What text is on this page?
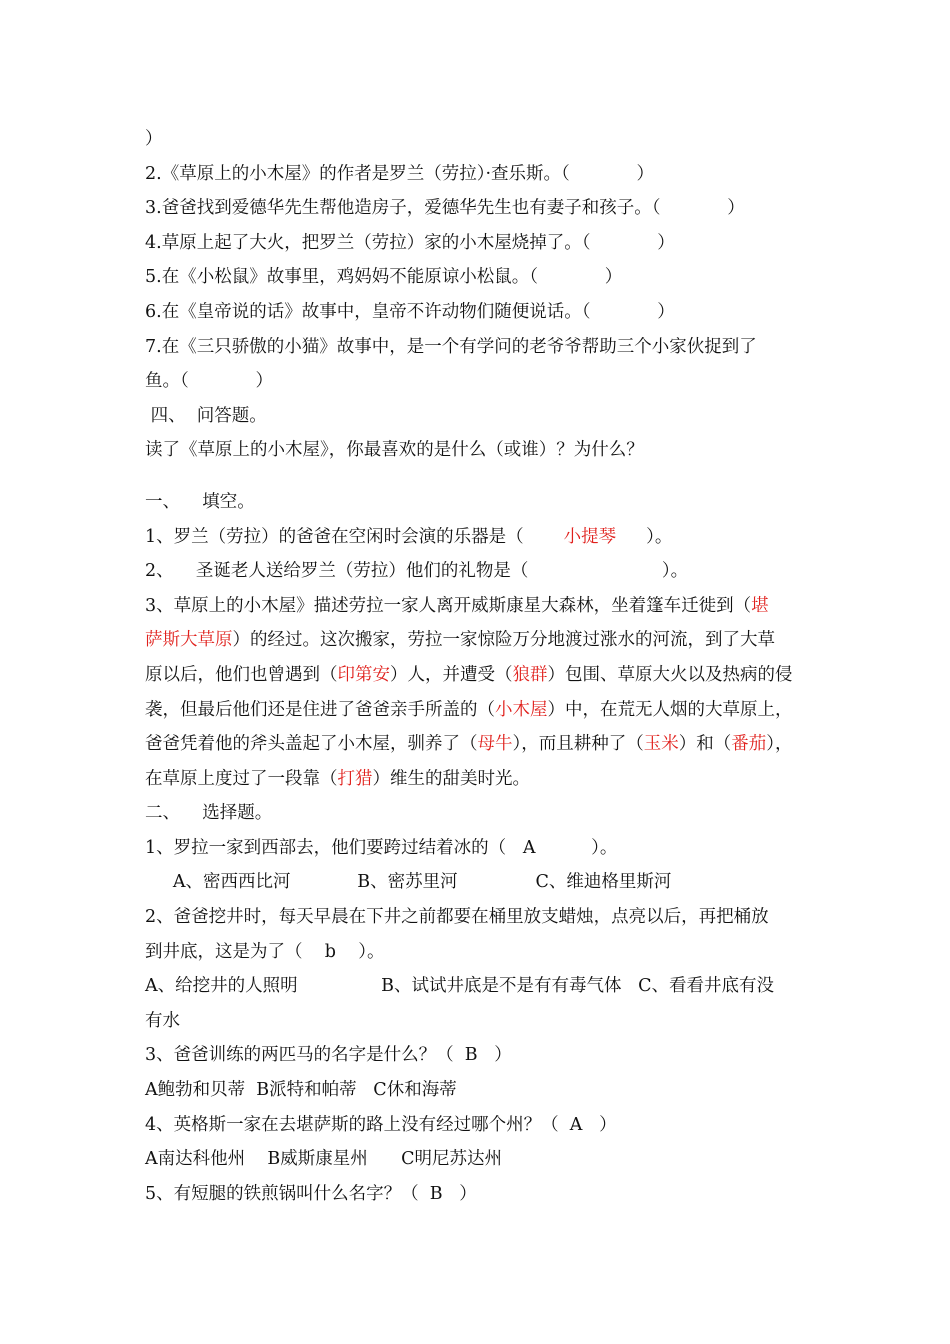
）
2.《草原上的小木屋》的作者是罗兰（劳拉）·查乐斯。（            ）
3.爸爸找到爱德华先生帮他造房子，爱德华先生也有妻子和孩子。（            ）
4.草原上起了大火，把罗兰（劳拉）家的小木屋烧掉了。（            ）
5.在《小松鼠》故事里，鸡妈妈不能原谅小松鼠。（            ）
6.在《皇帝说的话》故事中，皇帝不许动物们随便说话。（            ）
7.在《三只骄傲的小猫》故事中，是一个有学问的老爷爷帮助三个小家伙捉到了
鱼。（            ）
四、  问答题。
读了《草原上的小木屋》，你最喜欢的是什么（或谁）？为什么？
一、    填空。
1、罗兰（劳拉）的爸爸在空闲时会演的乐器是（ 小提琴 ）。
2、    圣诞老人送给罗兰（劳拉）他们的礼物是（                        ）。
3、草原上的小木屋》描述劳拉一家人离开威斯康星大森林，坐着篷车迁徙到（堪
萨斯大草原）的经过。这次搬家，劳拉一家惊险万分地渡过涨水的河流，到了大草
原以后，他们也曾遇到（印第安）人，并遭受（狼群）包围、草原大火以及热病的侵
袭，但最后他们还是住进了爸爸亲手所盖的（小木屋）中，在荒无人烟的大草原上，
爸爸凭着他的斧头盖起了小木屋，驯养了（母牛），而且耕种了（玉米）和（番茄），
在草原上度过了一段靠（打猎）维生的甜美时光。
二、    选择题。
1、罗拉一家到西部去，他们要跨过结着冰的（   A          ）。
A、密西西比河            B、密苏里河              C、维迪格里斯河
2、爸爸挖井时，每天早晨在下井之前都要在桶里放支蜡烛，点亮以后，再把桶放
到井底，这是为了（    b    ）。
A、给挖井的人照明               B、试试井底是不是有有毒气体   C、看看井底有没
有水
3、爸爸训练的两匹马的名字是什么？（  B   ）
A鲍勃和贝蒂  B派特和帕蒂   C休和海蒂
4、英格斯一家在去堪萨斯的路上没有经过哪个州？（  A   ）
A南达科他州    B威斯康星州      C明尼苏达州
5、有短腿的铁煎锅叫什么名字？（  B   ）
